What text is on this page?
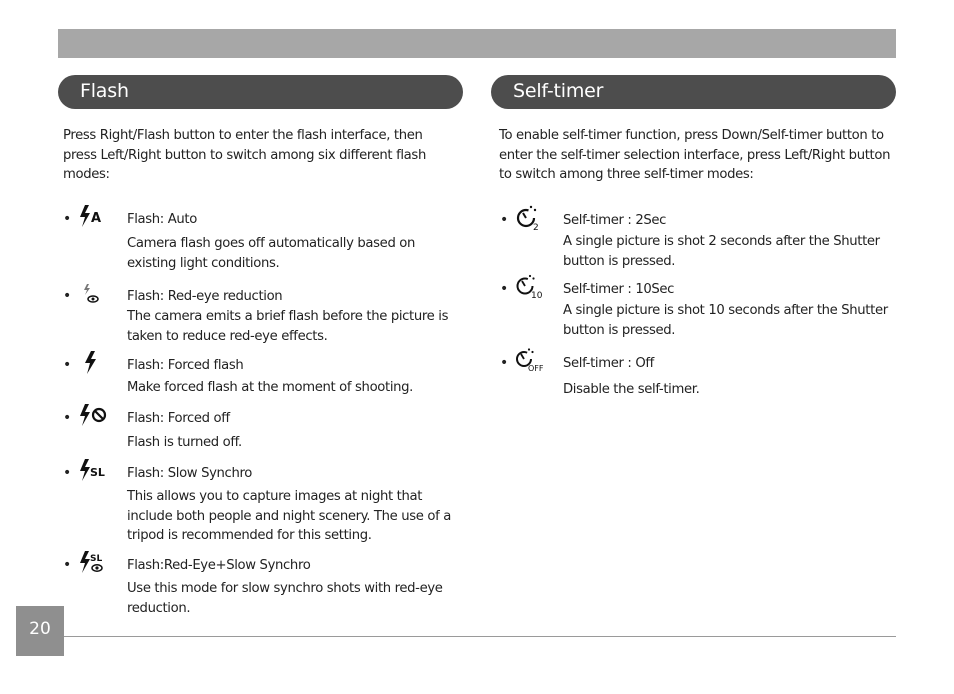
Flash

Press Right/Flash button to enter the flash interface, then press Left/Right button to switch among six different flash modes:

• A Flash: Auto

Camera flash goes off automatically based on existing light conditions.

•	Flash: Red-eye reduction

The camera emits a brief flash before the picture is taken to reduce red-eye effects.

•	Flash: Forced flash

Make forced flash at the moment of shooting.

•	Flash: Forced off

Flash is turned off.

• SL Flash: Slow Synchro

This allows you to capture images at night that include both people and night scenery. The use of a tripod is recommended for this setting.

• SL Flash:Red-Eye+Slow Synchro

Use this mode for slow synchro shots with red-eye reduction.

Self-timer

To enable self-timer function, press Down/Self-timer button to enter the self-timer selection interface, press Left/Right button to switch among three self-timer modes:

•	2 Self-timer : 2Sec

A single picture is shot 2 seconds after the Shutter button is pressed.

•	10 Self-timer : 10Sec

A single picture is shot 10 seconds after the Shutter button is pressed.

• OFF Self-timer : Off

Disable the self-timer.

20
